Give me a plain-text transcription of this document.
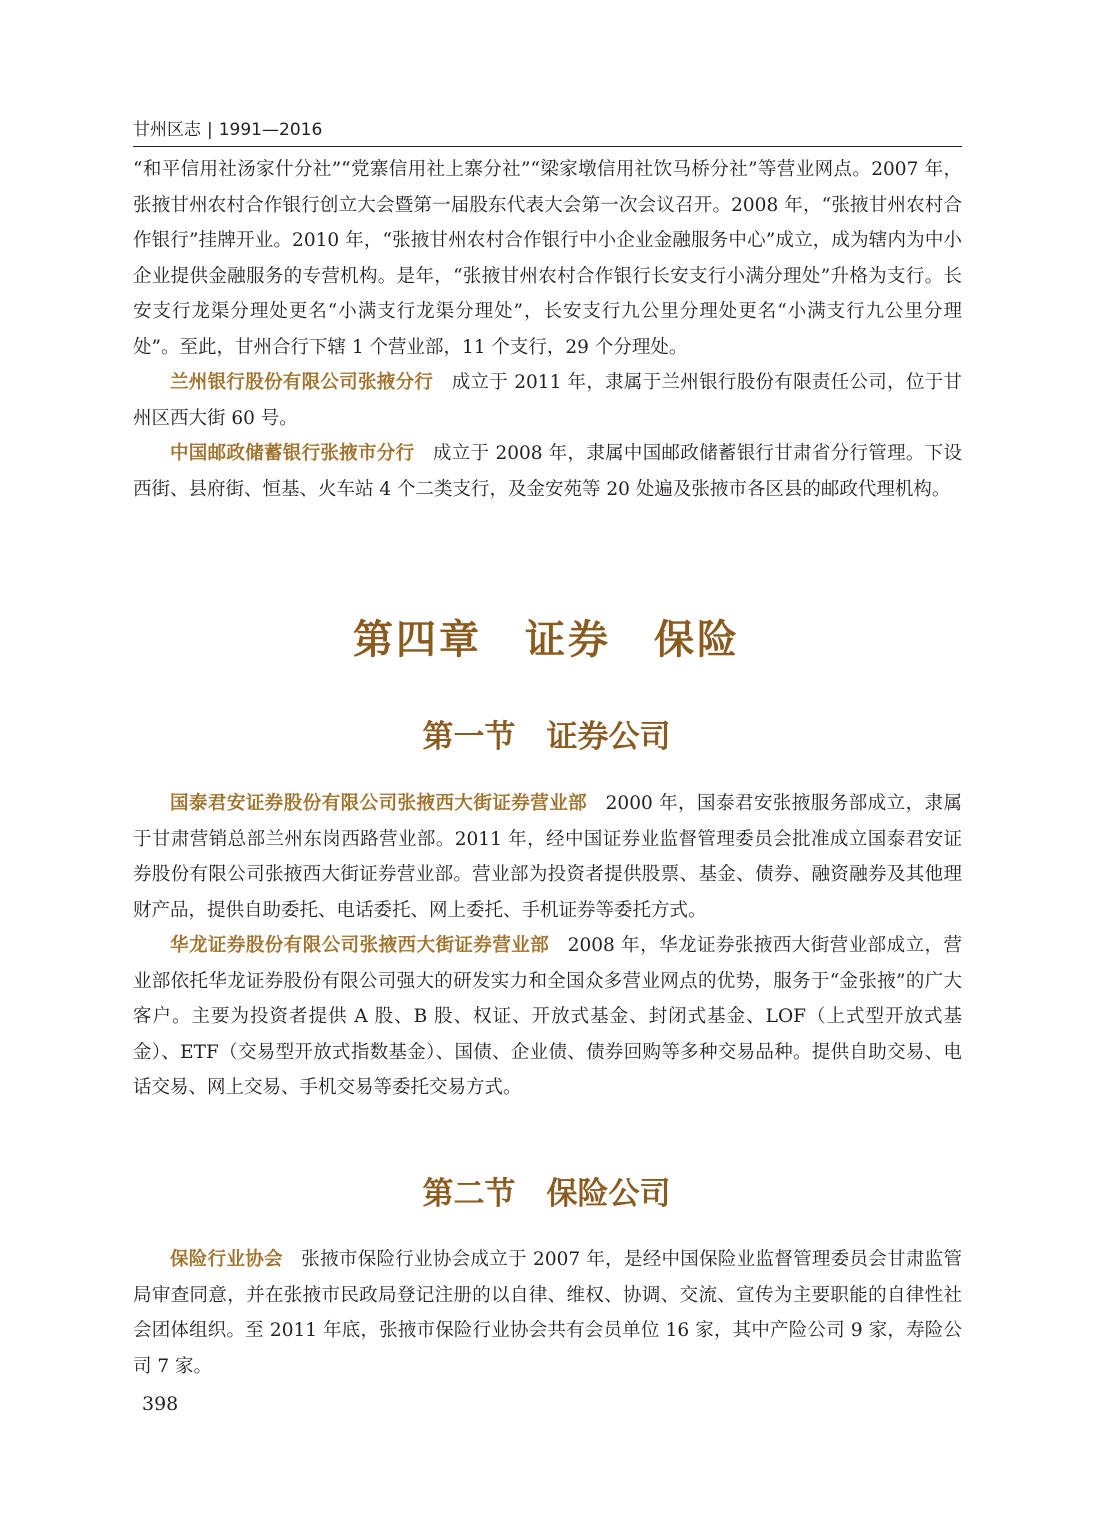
甘州区志 | 1991—2016

“和平信用社汤家什分社”“党寨信用社上寨分社”“梁家墩信用社饮马桥分社”等营业网点。2007 年，张掖甘州农村合作银行创立大会暨第一届股东代表大会第一次会议召开。2008 年，“张掖甘州农村合作银行”挂牌开业。2010 年，“张掖甘州农村合作银行中小企业金融服务中心”成立，成为辖内为中小企业提供金融服务的专营机构。是年，“张掖甘州农村合作银行长安支行小满分理处”升格为支行。长安支行龙渠分理处更名“小满支行龙渠分理处”，长安支行九公里分理处更名“小满支行九公里分理处”。至此，甘州合行下辖 1 个营业部，11 个支行，29 个分理处。

兰州银行股份有限公司张掖分行 成立于 2011 年，隶属于兰州银行股份有限责任公司，位于甘州区西大街 60 号。

中国邮政储蓄银行张掖市分行 成立于 2008 年，隶属中国邮政储蓄银行甘肃省分行管理。下设西街、县府街、恒基、火车站 4 个二类支行，及金安苑等 20 处遍及张掖市各区县的邮政代理机构。

第四章　证券　保险
第一节　证券公司

国泰君安证券股份有限公司张掖西大街证券营业部 2000 年，国泰君安张掖服务部成立，隶属于甘肃营销总部兰州东岗西路营业部。2011 年，经中国证券业监督管理委员会批准成立国泰君安证券股份有限公司张掖西大街证券营业部。营业部为投资者提供股票、基金、债券、融资融券及其他理财产品，提供自助委托、电话委托、网上委托、手机证券等委托方式。

华龙证券股份有限公司张掖西大街证券营业部 2008 年，华龙证券张掖西大街营业部成立，营业部依托华龙证券股份有限公司强大的研发实力和全国众多营业网点的优势，服务于“金张掖”的广大客户。主要为投资者提供 A 股、B 股、权证、开放式基金、封闭式基金、LOF（上式型开放式基金）、ETF（交易型开放式指数基金）、国债、企业债、债券回购等多种交易品种。提供自助交易、电话交易、网上交易、手机交易等委托交易方式。

第二节　保险公司

保险行业协会 张掖市保险行业协会成立于 2007 年，是经中国保险业监督管理委员会甘肃监管局审查同意，并在张掖市民政局登记注册的以自律、维权、协调、交流、宣传为主要职能的自律性社会团体组织。至 2011 年底，张掖市保险行业协会共有会员单位 16 家，其中产险公司 9 家，寿险公司 7 家。

398
